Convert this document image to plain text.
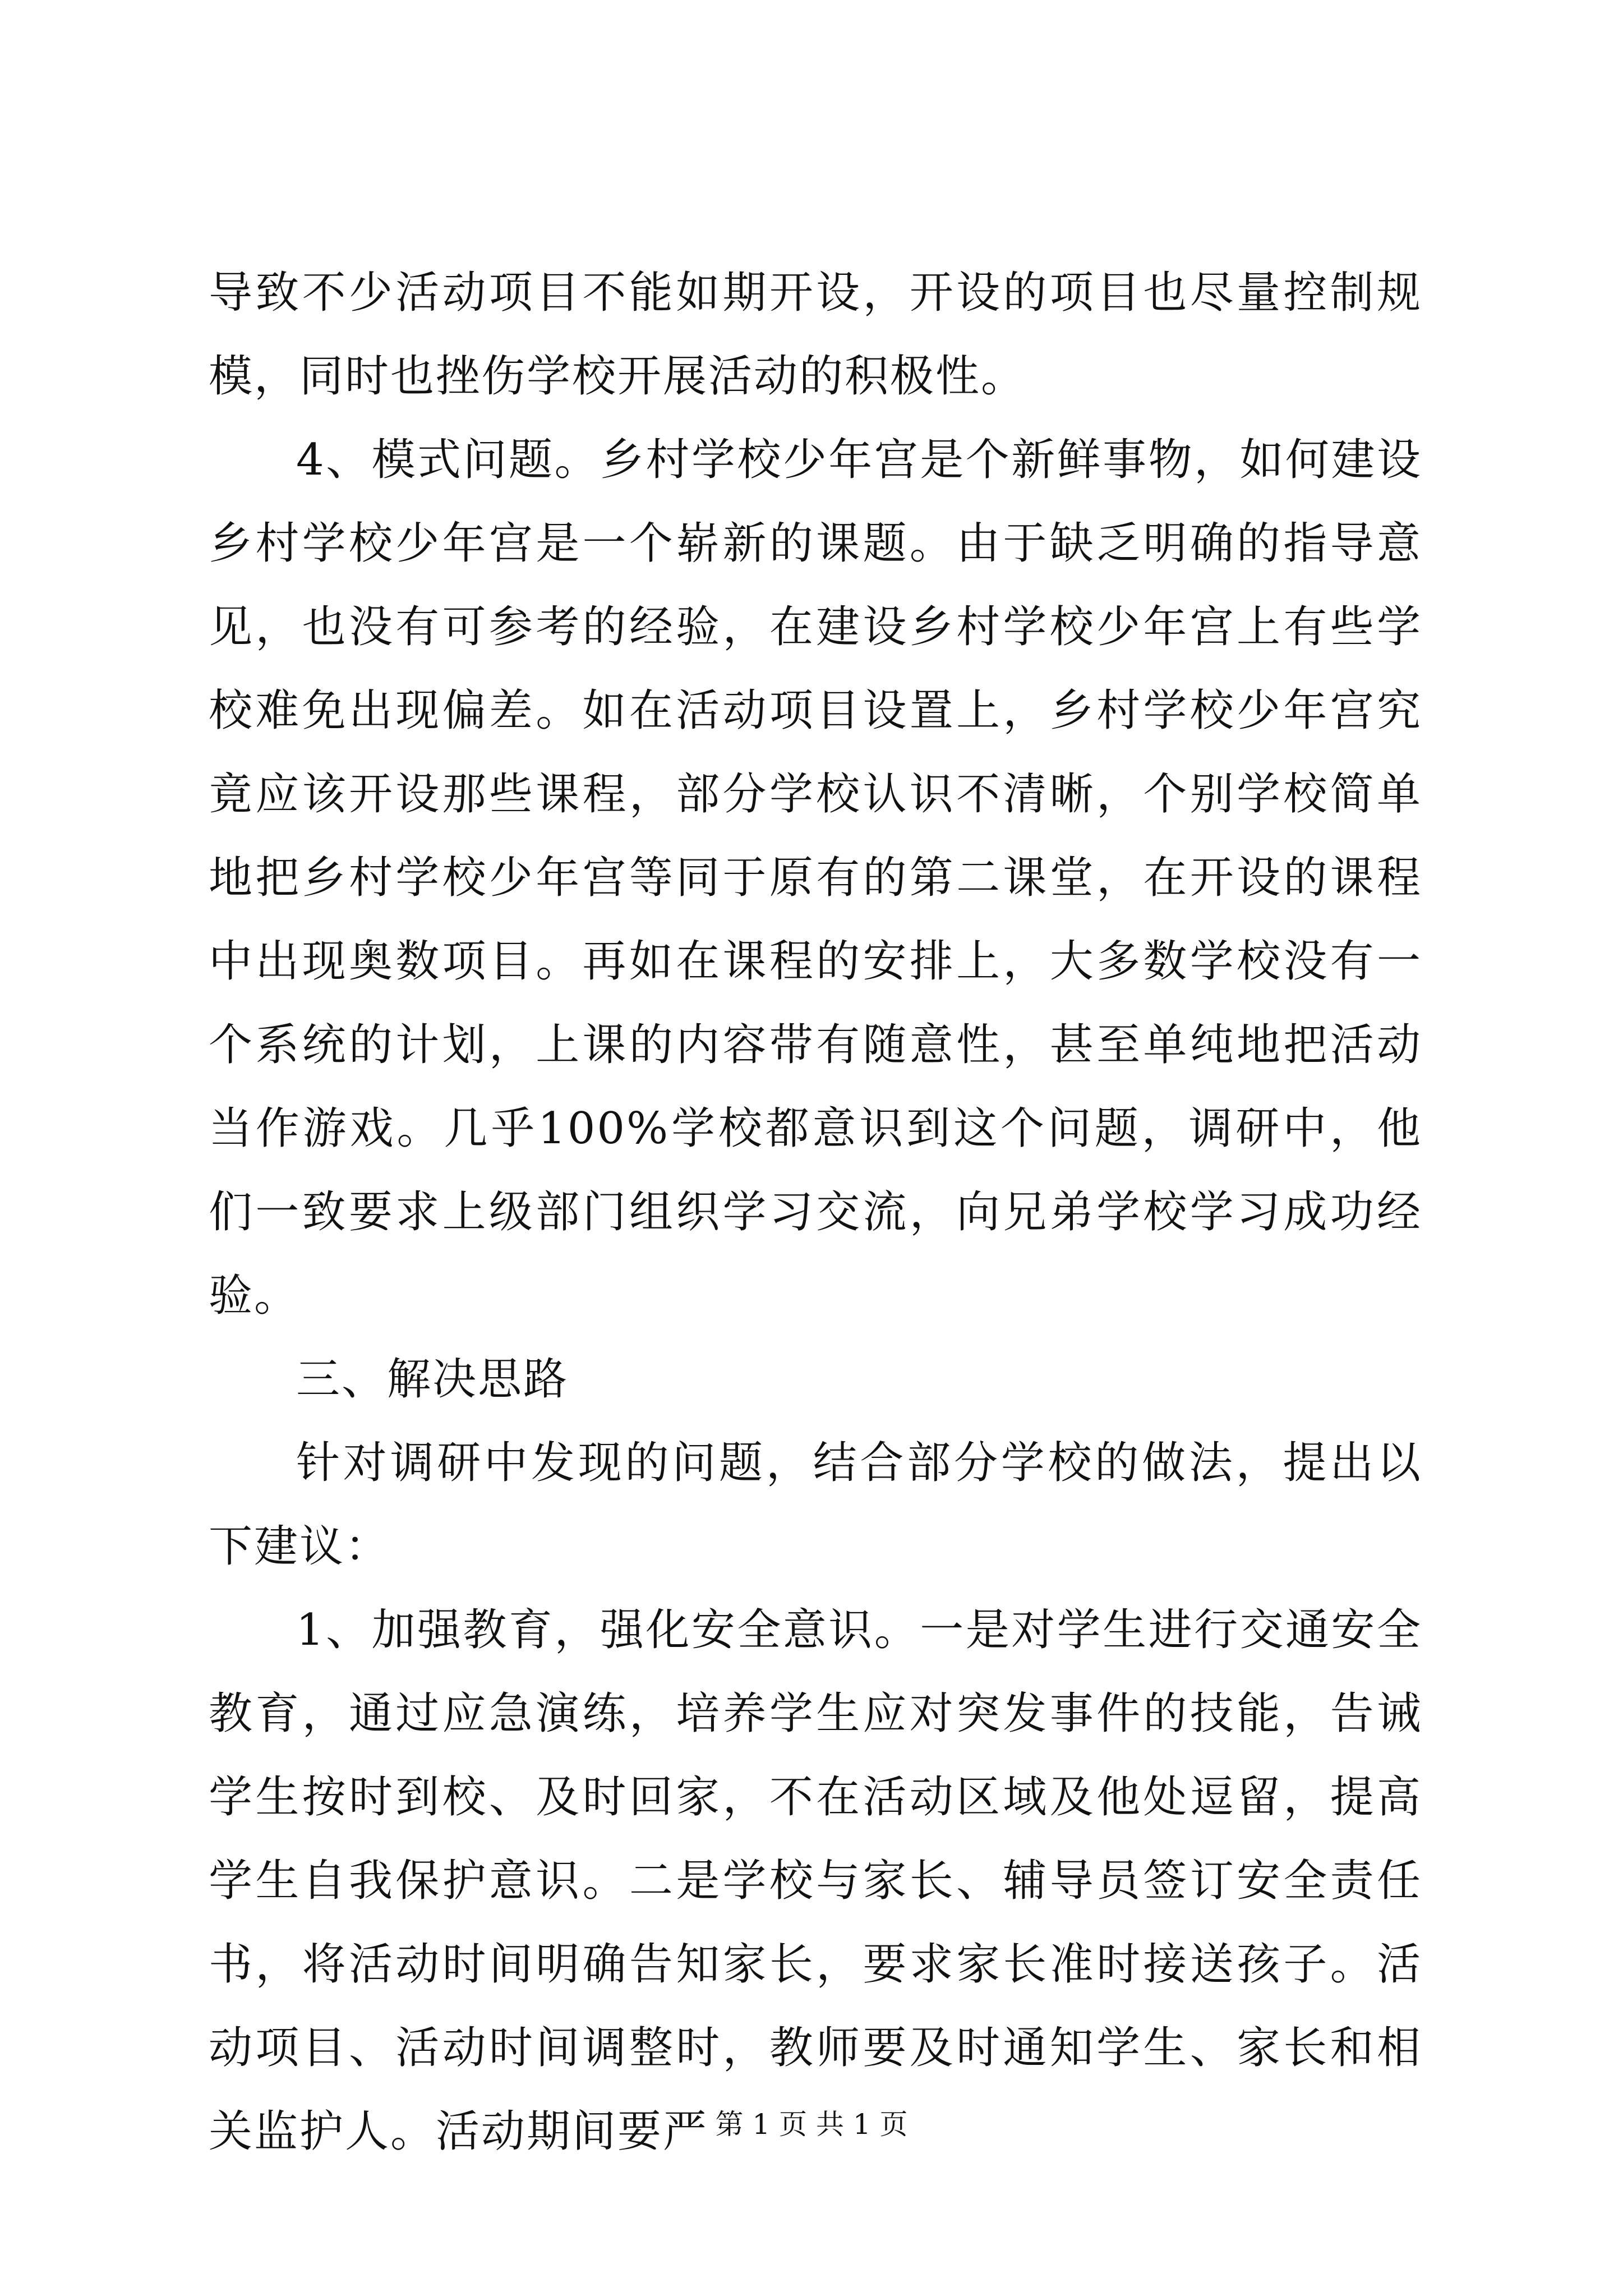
导致不少活动项目不能如期开设，开设的项目也尽量控制规模，同时也挫伤学校开展活动的积极性。

4、模式问题。乡村学校少年宫是个新鲜事物，如何建设乡村学校少年宫是一个崭新的课题。由于缺乏明确的指导意见，也没有可参考的经验，在建设乡村学校少年宫上有些学校难免出现偏差。如在活动项目设置上，乡村学校少年宫究竟应该开设那些课程，部分学校认识不清晰，个别学校简单地把乡村学校少年宫等同于原有的第二课堂，在开设的课程中出现奥数项目。再如在课程的安排上，大多数学校没有一个系统的计划，上课的内容带有随意性，甚至单纯地把活动当作游戏。几乎100%学校都意识到这个问题，调研中，他们一致要求上级部门组织学习交流，向兄弟学校学习成功经验。

三、解决思路

针对调研中发现的问题，结合部分学校的做法，提出以下建议：

1、加强教育，强化安全意识。一是对学生进行交通安全教育，通过应急演练，培养学生应对突发事件的技能，告诫学生按时到校、及时回家，不在活动区域及他处逗留，提高学生自我保护意识。二是学校与家长、辅导员签订安全责任书，将活动时间明确告知家长，要求家长准时接送孩子。活动项目、活动时间调整时，教师要及时通知学生、家长和相关监护人。活动期间要严 第 1 页 共 1 页
